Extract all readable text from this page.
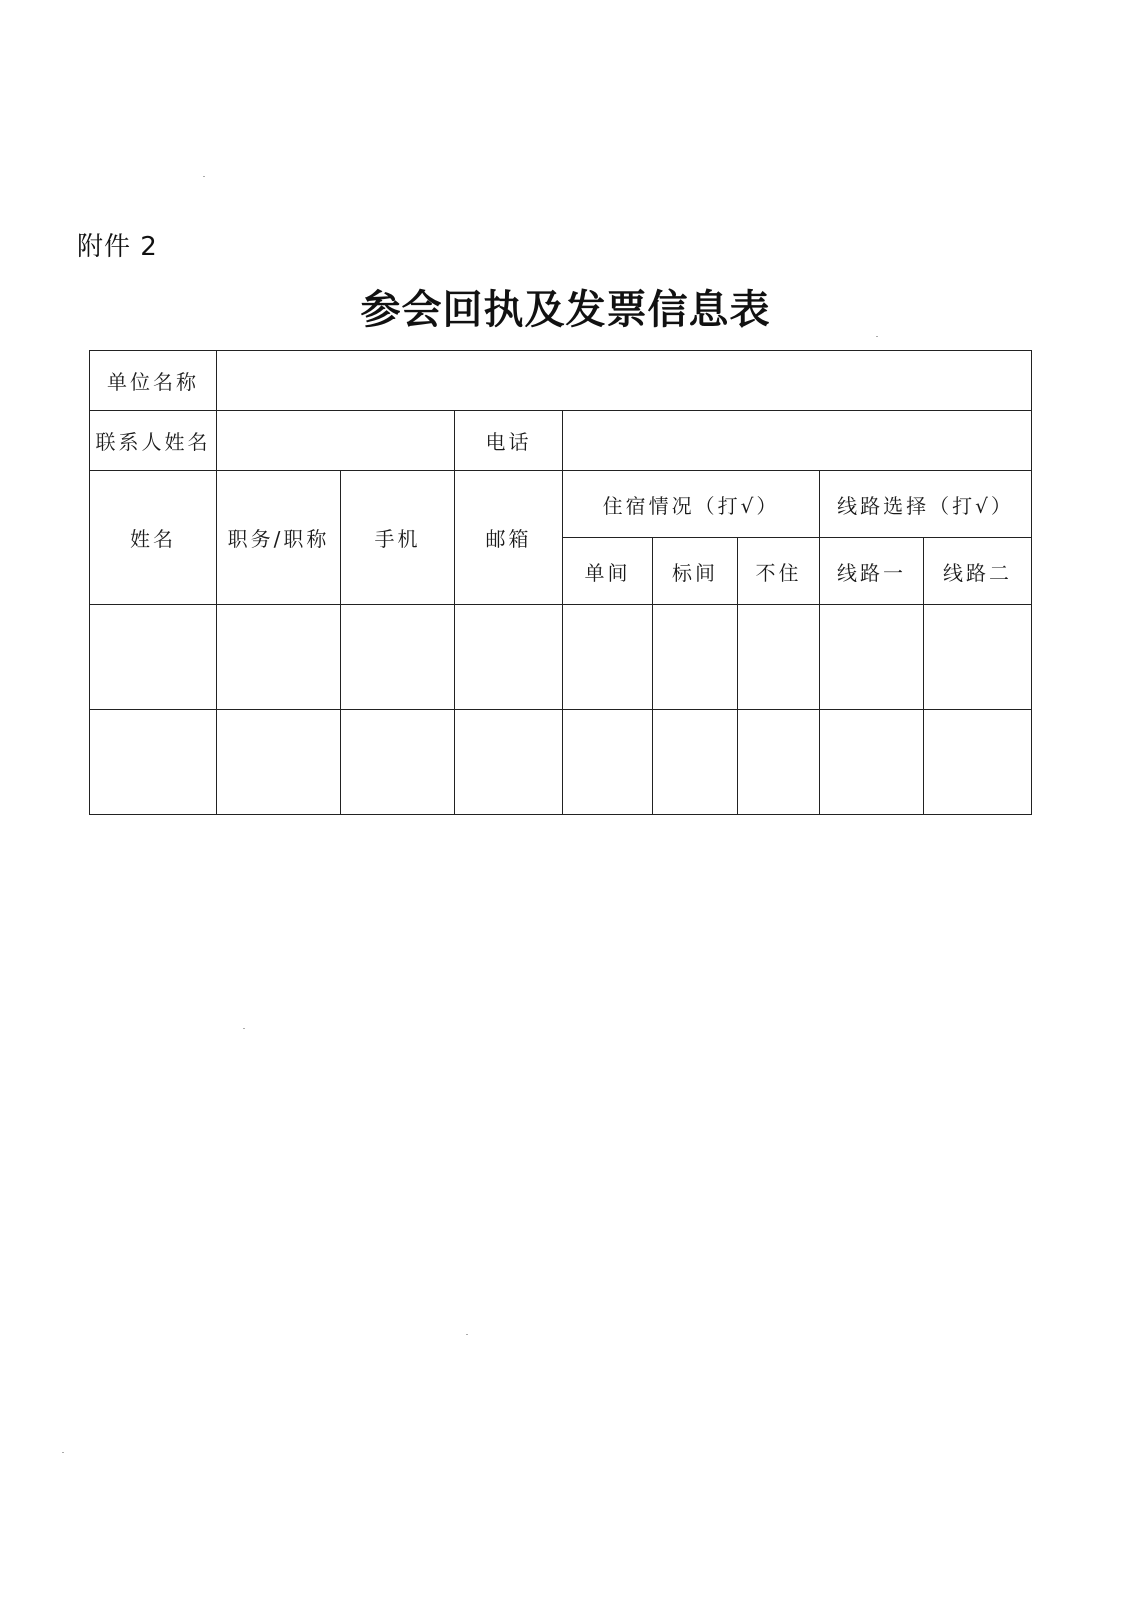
附件 2
参会回执及发票信息表
单位名称								
联系人姓名			电话					
姓名	职务/职称	手机	邮箱	住宿情况（打√）			线路选择（打√）	
				单间	标间	不住	线路一	线路二
